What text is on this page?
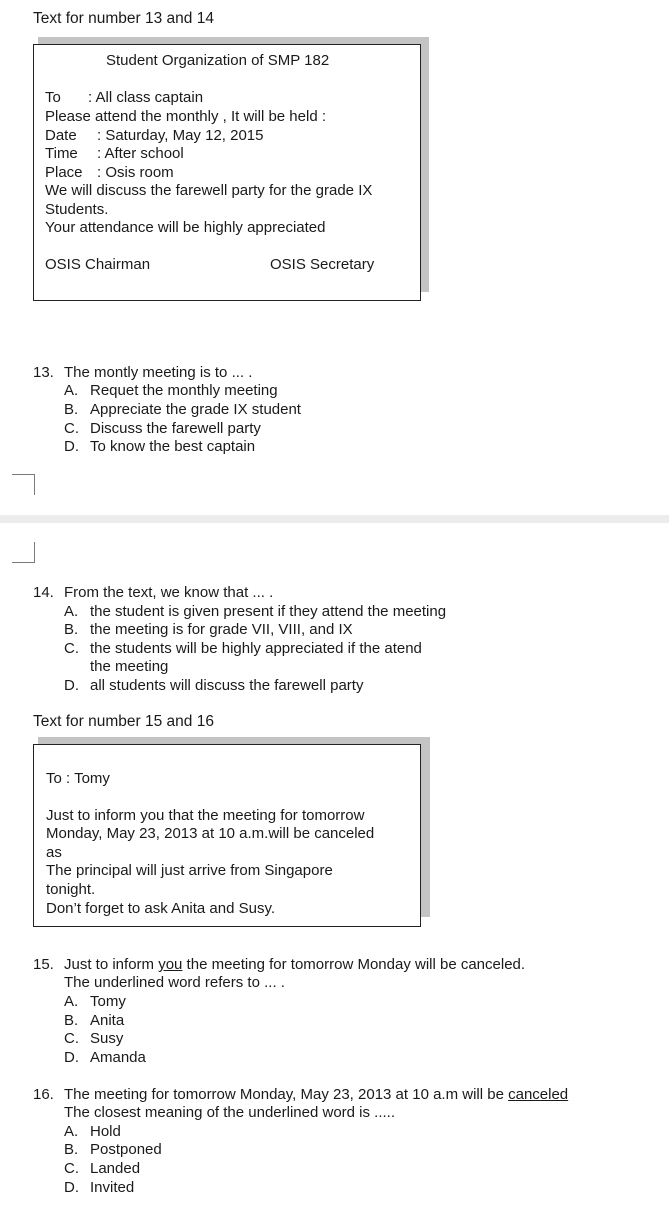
Text for number 13 and 14
Student Organization of SMP 182
To : All class captain
Please attend the monthly , It will be held :
Date : Saturday, May 12, 2015
Time : After school
Place : Osis room
We will discuss the farewell party for the grade IX
Students.
Your attendance will be highly appreciated
OSIS Chairman	OSIS Secretary
13. The montly meeting is to ... .
A. Requet the monthly meeting
B. Appreciate the grade IX student
C. Discuss the farewell party
D. To know the best captain
14. From the text, we know that ... .
A. the student is given present if they attend the meeting
B. the meeting is for grade VII, VIII, and IX
C. the students will be highly appreciated if the atend
the meeting
D. all students will discuss the farewell party
Text for number 15 and 16
To : Tomy
Just to inform you that the meeting for tomorrow
Monday, May 23, 2013 at 10 a.m.will be canceled
as
The principal will just arrive from Singapore
tonight.
Don’t forget to ask Anita and Susy.
15. Just to inform you the meeting for tomorrow Monday will be canceled.
The underlined word refers to ... .
A. Tomy
B. Anita
C. Susy
D. Amanda
16. The meeting for tomorrow Monday, May 23, 2013 at 10 a.m will be canceled
The closest meaning of the underlined word is .....
A. Hold
B. Postponed
C. Landed
D. Invited
